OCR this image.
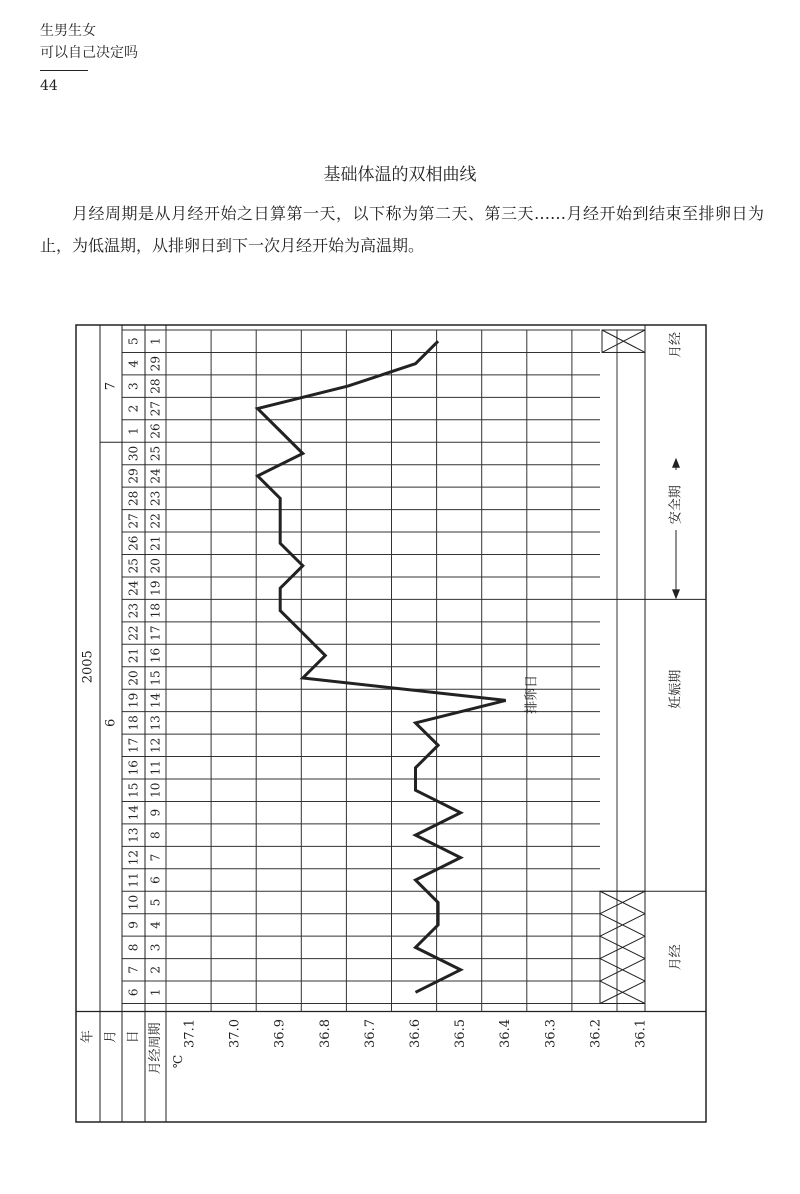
生男生女
可以自己决定吗
44
基础体温的双相曲线
月经周期是从月经开始之日算第一天，以下称为第二天、第三天……月经开始到结束至排卵日为止，为低温期，从排卵日到下一次月经开始为高温期。
6
7
8
9
10
11
12
13
14
15
16
17
18
19
20
21
22
23
24
25
26
27
28
29
30
1
2
3
4
5
1
2
3
4
5
6
7
8
9
10
11
12
13
14
15
16
17
18
19
20
21
22
23
24
25
26
27
28
29
1
6
7
2005
年 月 日 月经周期 ℃
37.1 37.0 36.9 36.8 36.7 36.6 36.5 36.4 36.3 36.2 36.1
月经
妊娠期
安全期
月经
排卵日
